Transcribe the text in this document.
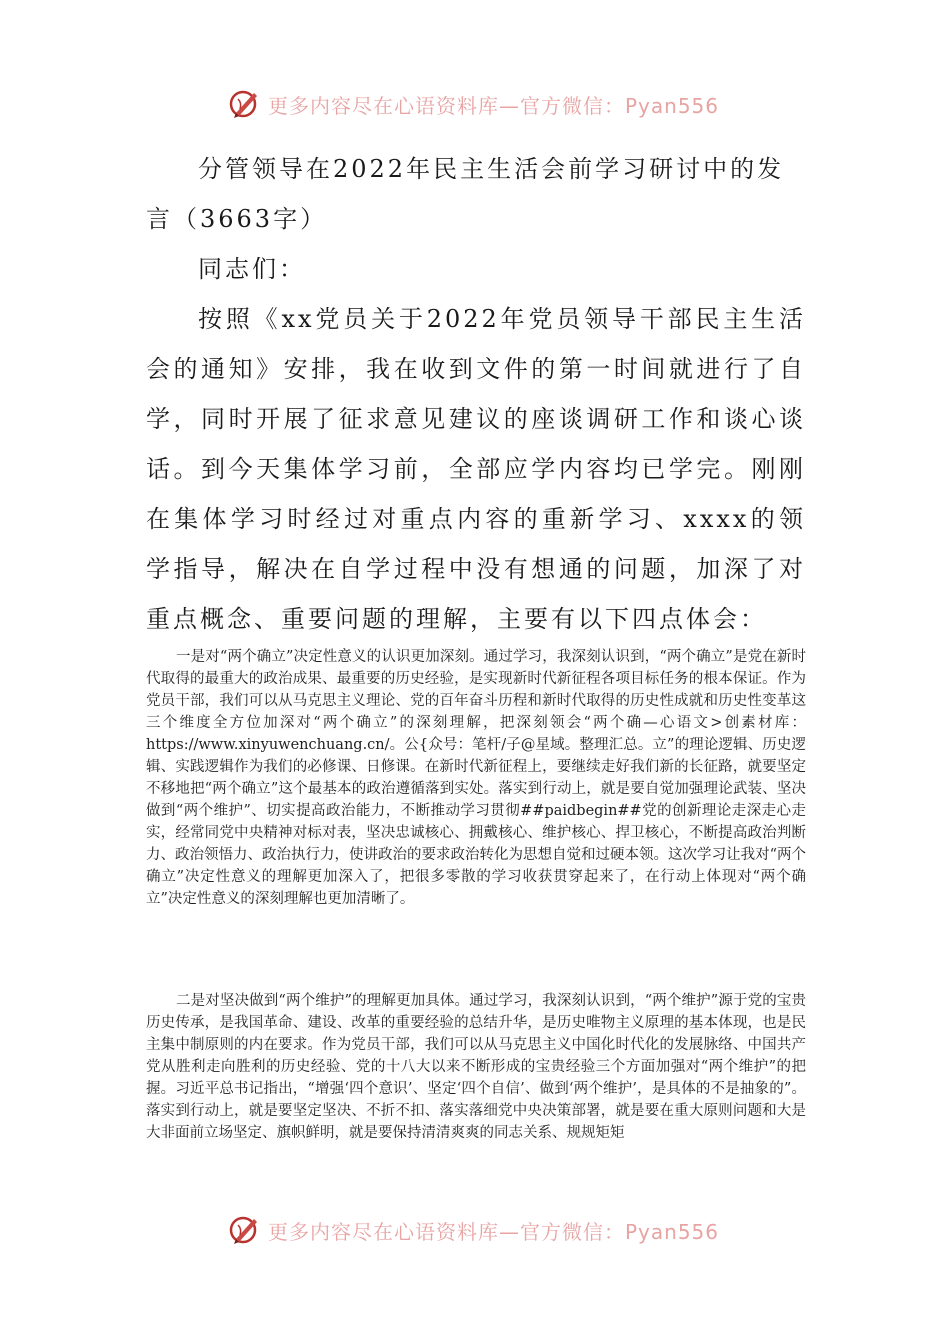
更多内容尽在心语资料库—官方微信：Pyan556

分管领导在2022年民主生活会前学习研讨中的发言（3663字）

同志们：

按照《xx党员关于2022年党员领导干部民主生活会的通知》安排，我在收到文件的第一时间就进行了自学，同时开展了征求意见建议的座谈调研工作和谈心谈话。到今天集体学习前，全部应学内容均已学完。刚刚在集体学习时经过对重点内容的重新学习、xxxx的领学指导，解决在自学过程中没有想通的问题，加深了对重点概念、重要问题的理解，主要有以下四点体会：

一是对“两个确立”决定性意义的认识更加深刻。通过学习，我深刻认识到，“两个确立”是党在新时代取得的最重大的政治成果、最重要的历史经验，是实现新时代新征程各项目标任务的根本保证。作为党员干部，我们可以从马克思主义理论、党的百年奋斗历程和新时代取得的历史性成就和历史性变革这三个维度全方位加深对“两个确立”的深刻理解，把深刻领会“两个确—心语文>创素材库：https://www.xinyuwenchuang.cn/。公{众号：笔杆/子@星域。整理汇总。立”的理论逻辑、历史逻辑、实践逻辑作为我们的必修课、日修课。在新时代新征程上，要继续走好我们新的长征路，就要坚定不移地把“两个确立”这个最基本的政治遵循落到实处。落实到行动上，就是要自觉加强理论武装、坚决做到“两个维护”、切实提高政治能力，不断推动学习贯彻##paidbegin##党的创新理论走深走心走实，经常同党中央精神对标对表，坚决忠诚核心、拥戴核心、维护核心、捍卫核心，不断提高政治判断力、政治领悟力、政治执行力，使讲政治的要求政治转化为思想自觉和过硬本领。这次学习让我对“两个确立”决定性意义的理解更加深入了，把很多零散的学习收获贯穿起来了，在行动上体现对“两个确立”决定性意义的深刻理解也更加清晰了。

二是对坚决做到“两个维护”的理解更加具体。通过学习，我深刻认识到，“两个维护”源于党的宝贵历史传承，是我国革命、建设、改革的重要经验的总结升华，是历史唯物主义原理的基本体现，也是民主集中制原则的内在要求。作为党员干部，我们可以从马克思主义中国化时代化的发展脉络、中国共产党从胜利走向胜利的历史经验、党的十八大以来不断形成的宝贵经验三个方面加强对“两个维护”的把握。习近平总书记指出，“增强‘四个意识’、坚定‘四个自信’、做到‘两个维护’，是具体的不是抽象的”。落实到行动上，就是要坚定坚决、不折不扣、落实落细党中央决策部署，就是要在重大原则问题和大是大非面前立场坚定、旗帜鲜明，就是要保持清清爽爽的同志关系、规规矩矩

更多内容尽在心语资料库—官方微信：Pyan556
